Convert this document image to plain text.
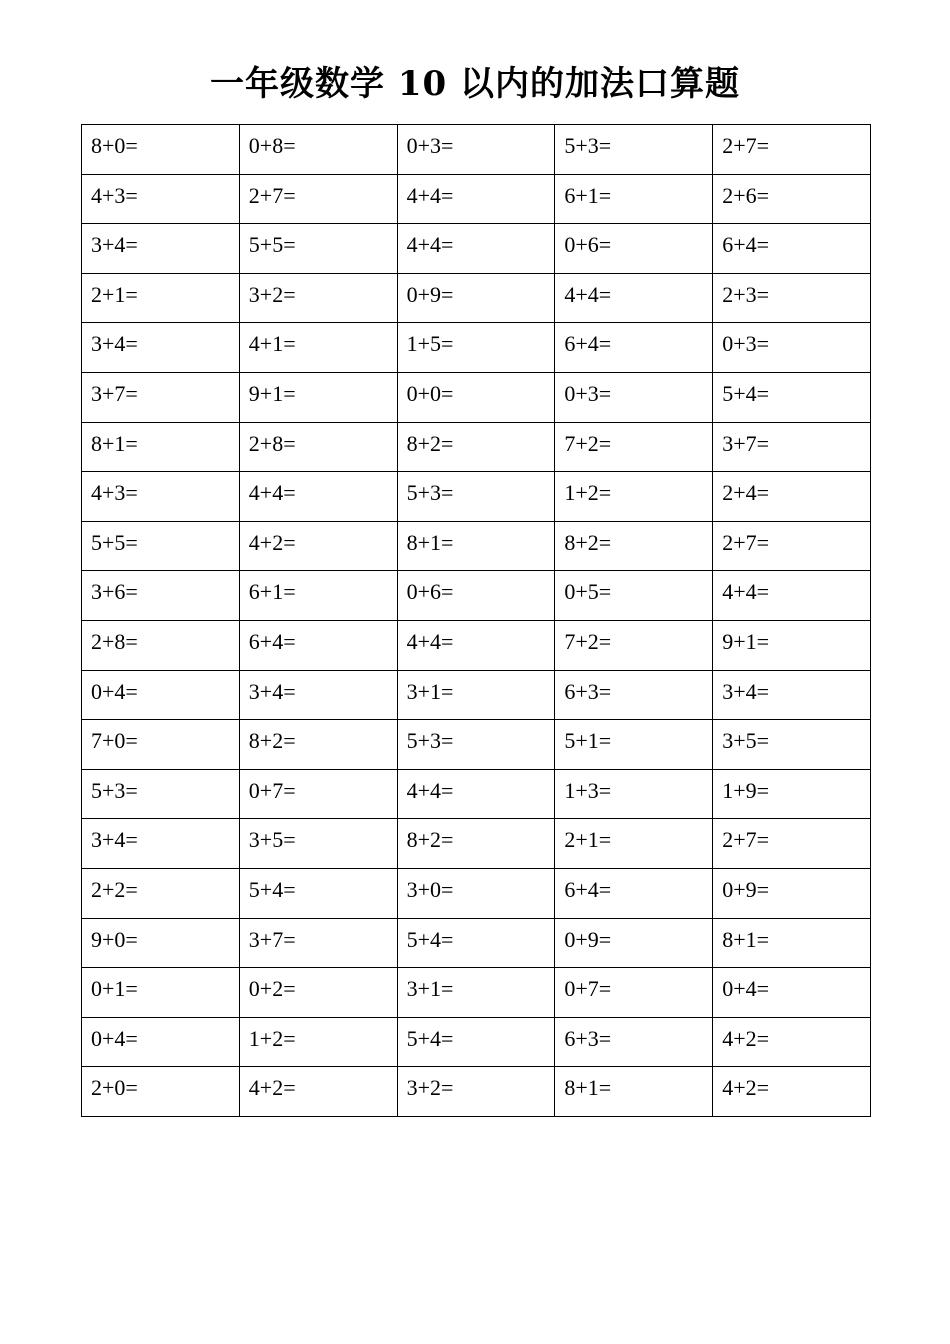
一年级数学 10 以内的加法口算题
8+0=	0+8=	0+3=	5+3=	2+7=
4+3=	2+7=	4+4=	6+1=	2+6=
3+4=	5+5=	4+4=	0+6=	6+4=
2+1=	3+2=	0+9=	4+4=	2+3=
3+4=	4+1=	1+5=	6+4=	0+3=
3+7=	9+1=	0+0=	0+3=	5+4=
8+1=	2+8=	8+2=	7+2=	3+7=
4+3=	4+4=	5+3=	1+2=	2+4=
5+5=	4+2=	8+1=	8+2=	2+7=
3+6=	6+1=	0+6=	0+5=	4+4=
2+8=	6+4=	4+4=	7+2=	9+1=
0+4=	3+4=	3+1=	6+3=	3+4=
7+0=	8+2=	5+3=	5+1=	3+5=
5+3=	0+7=	4+4=	1+3=	1+9=
3+4=	3+5=	8+2=	2+1=	2+7=
2+2=	5+4=	3+0=	6+4=	0+9=
9+0=	3+7=	5+4=	0+9=	8+1=
0+1=	0+2=	3+1=	0+7=	0+4=
0+4=	1+2=	5+4=	6+3=	4+2=
2+0=	4+2=	3+2=	8+1=	4+2=
